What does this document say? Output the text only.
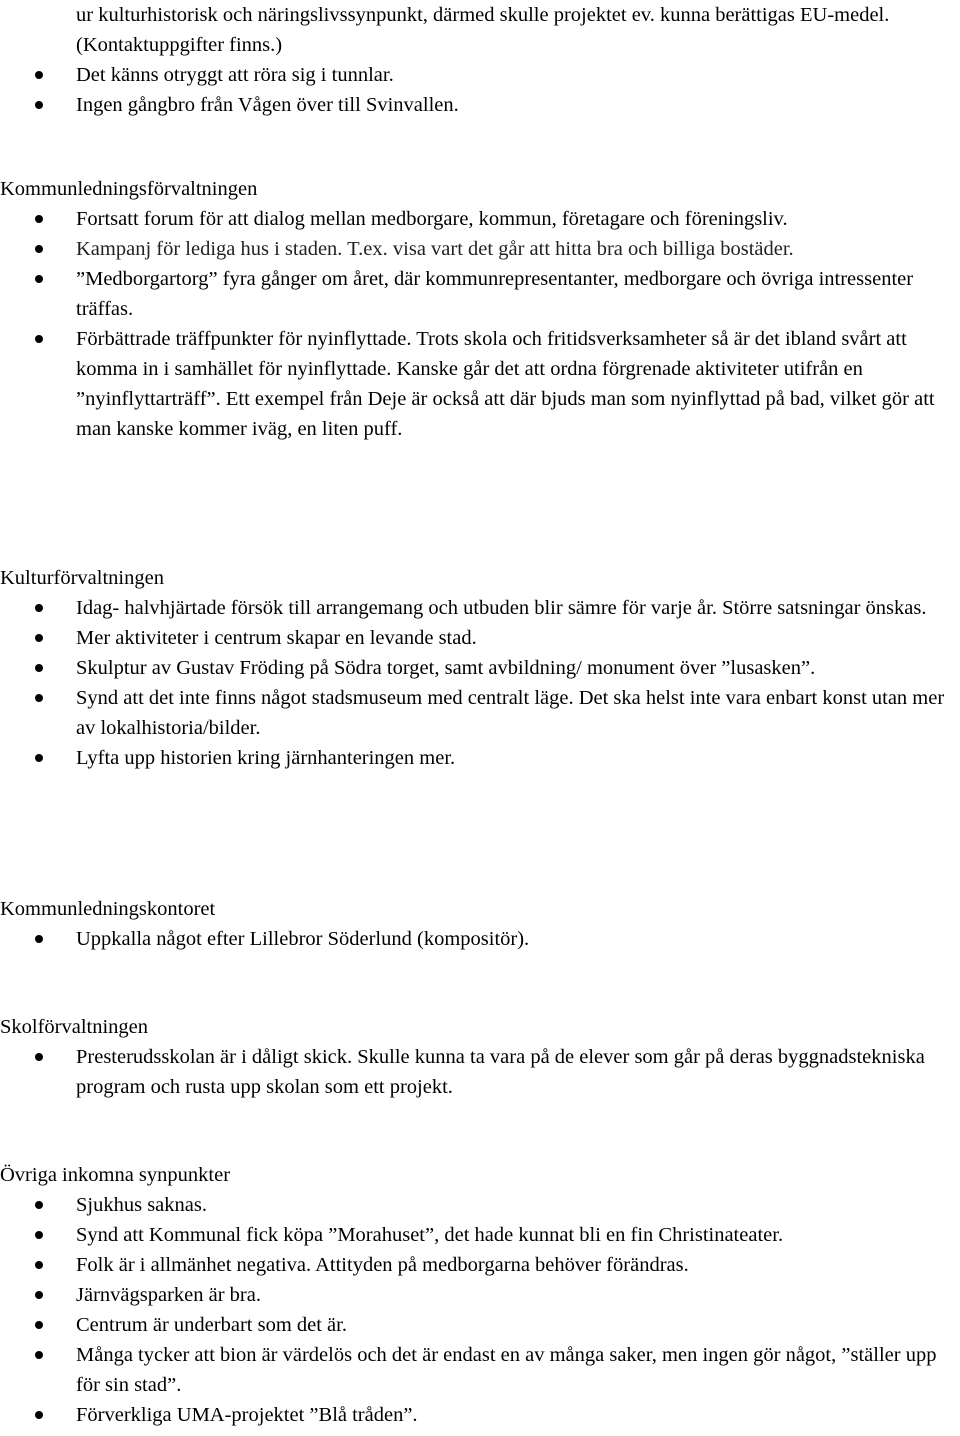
ur kulturhistorisk och näringslivssynpunkt, därmed skulle projektet ev. kunna berättigas EU-medel. (Kontaktuppgifter finns.)
Det känns otryggt att röra sig i tunnlar.
Ingen gångbro från Vågen över till Svinvallen.
Kommunledningsförvaltningen
Fortsatt forum för att dialog mellan medborgare, kommun, företagare och föreningsliv.
Kampanj för lediga hus i staden. T.ex. visa vart det går att hitta bra och billiga bostäder.
”Medborgartorg” fyra gånger om året, där kommunrepresentanter, medborgare och övriga intressenter träffas.
Förbättrade träffpunkter för nyinflyttade. Trots skola och fritidsverksamheter så är det ibland svårt att komma in i samhället för nyinflyttade. Kanske går det att ordna förgrenade aktiviteter utifrån en ”nyinflyttarträff”. Ett exempel från Deje är också att där bjuds man som nyinflyttad på bad, vilket gör att man kanske kommer iväg, en liten puff.
Kulturförvaltningen
Idag- halvhjärtade försök till arrangemang och utbuden blir sämre för varje år. Större satsningar önskas.
Mer aktiviteter i centrum skapar en levande stad.
Skulptur av Gustav Fröding på Södra torget, samt avbildning/ monument över ”lusasken”.
Synd att det inte finns något stadsmuseum med centralt läge. Det ska helst inte vara enbart konst utan mer av lokalhistoria/bilder.
Lyfta upp historien kring järnhanteringen mer.
Kommunledningskontoret
Uppkalla något efter Lillebror Söderlund (kompositör).
Skolförvaltningen
Presterudsskolan är i dåligt skick. Skulle kunna ta vara på de elever som går på deras byggnadstekniska program och rusta upp skolan som ett projekt.
Övriga inkomna synpunkter
Sjukhus saknas.
Synd att Kommunal fick köpa ”Morahuset”, det hade kunnat bli en fin Christinateater.
Folk är i allmänhet negativa. Attityden på medborgarna behöver förändras.
Järnvägsparken är bra.
Centrum är underbart som det är.
Många tycker att bion är värdelös och det är endast en av många saker, men ingen gör något, ”ställer upp för sin stad”.
Förverkliga UMA-projektet ”Blå tråden”.
